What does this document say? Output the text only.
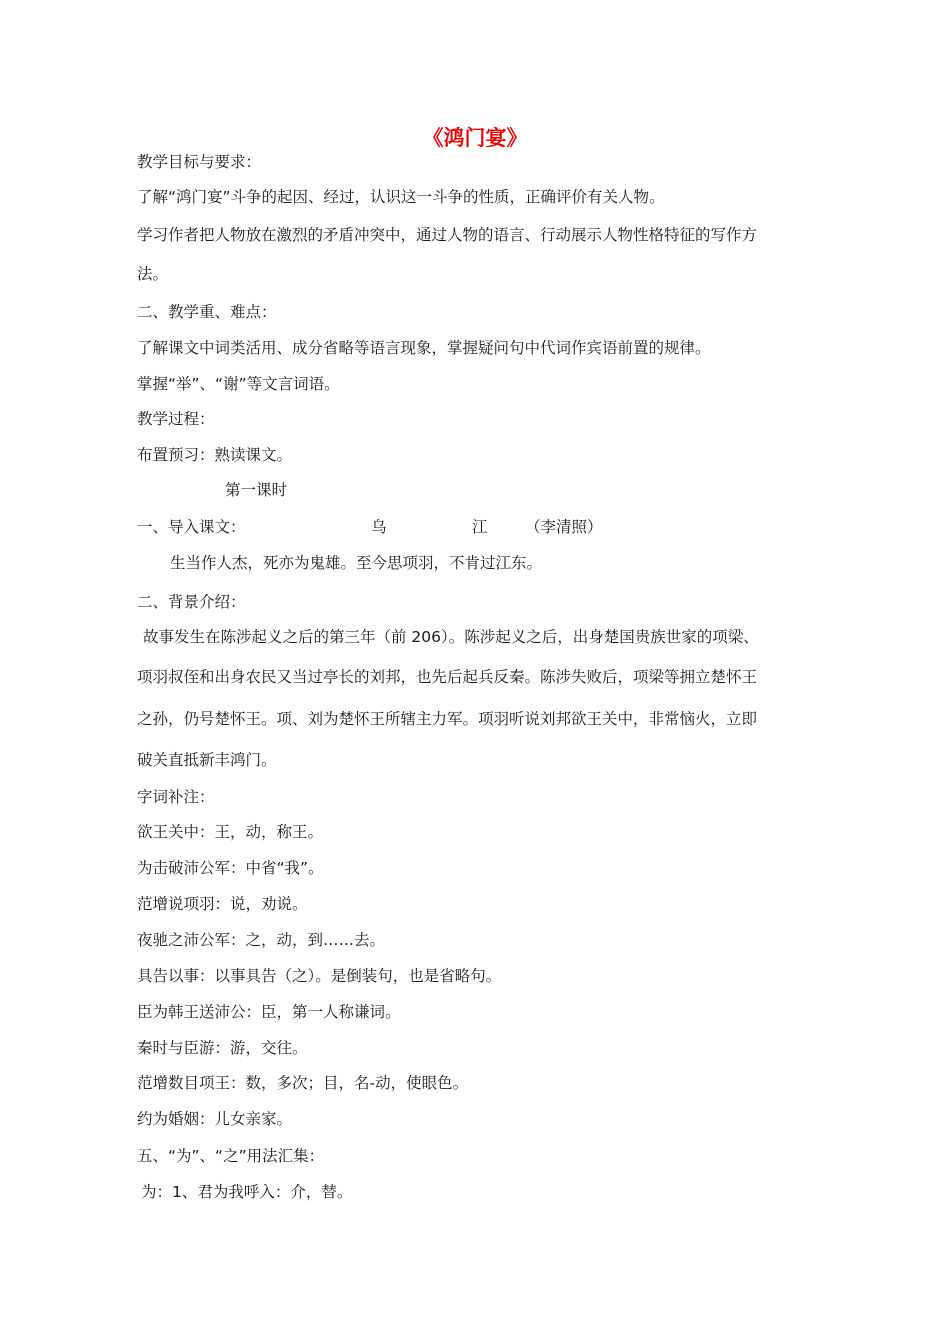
《鸿门宴》
教学目标与要求：
了解“鸿门宴”斗争的起因、经过，认识这一斗争的性质，正确评价有关人物。
学习作者把人物放在激烈的矛盾冲突中，通过人物的语言、行动展示人物性格特征的写作方
法。
二、教学重、难点：
了解课文中词类活用、成分省略等语言现象，掌握疑问句中代词作宾语前置的规律。
掌握“举”、“谢”等文言词语。
教学过程：
布置预习：熟读课文。
第一课时
一、导入课文：	乌	江 （李清照）
生当作人杰，死亦为鬼雄。至今思项羽，不肯过江东。
二、背景介绍：
故事发生在陈涉起义之后的第三年（前 206）。陈涉起义之后，出身楚国贵族世家的项梁、
项羽叔侄和出身农民又当过亭长的刘邦，也先后起兵反秦。陈涉失败后，项梁等拥立楚怀王
之孙，仍号楚怀王。项、刘为楚怀王所辖主力军。项羽听说刘邦欲王关中，非常恼火，立即
破关直抵新丰鸿门。
字词补注：
欲王关中：王，动，称王。
为击破沛公军：中省“我”。
范增说项羽：说，劝说。
夜驰之沛公军：之，动，到……去。
具告以事：以事具告（之）。是倒装句，也是省略句。
臣为韩王送沛公：臣，第一人称谦词。
秦时与臣游：游，交往。
范增数目项王：数，多次；目，名-动，使眼色。
约为婚姻：儿女亲家。
五、“为”、“之”用法汇集：
为：1、君为我呼入：介，替。
